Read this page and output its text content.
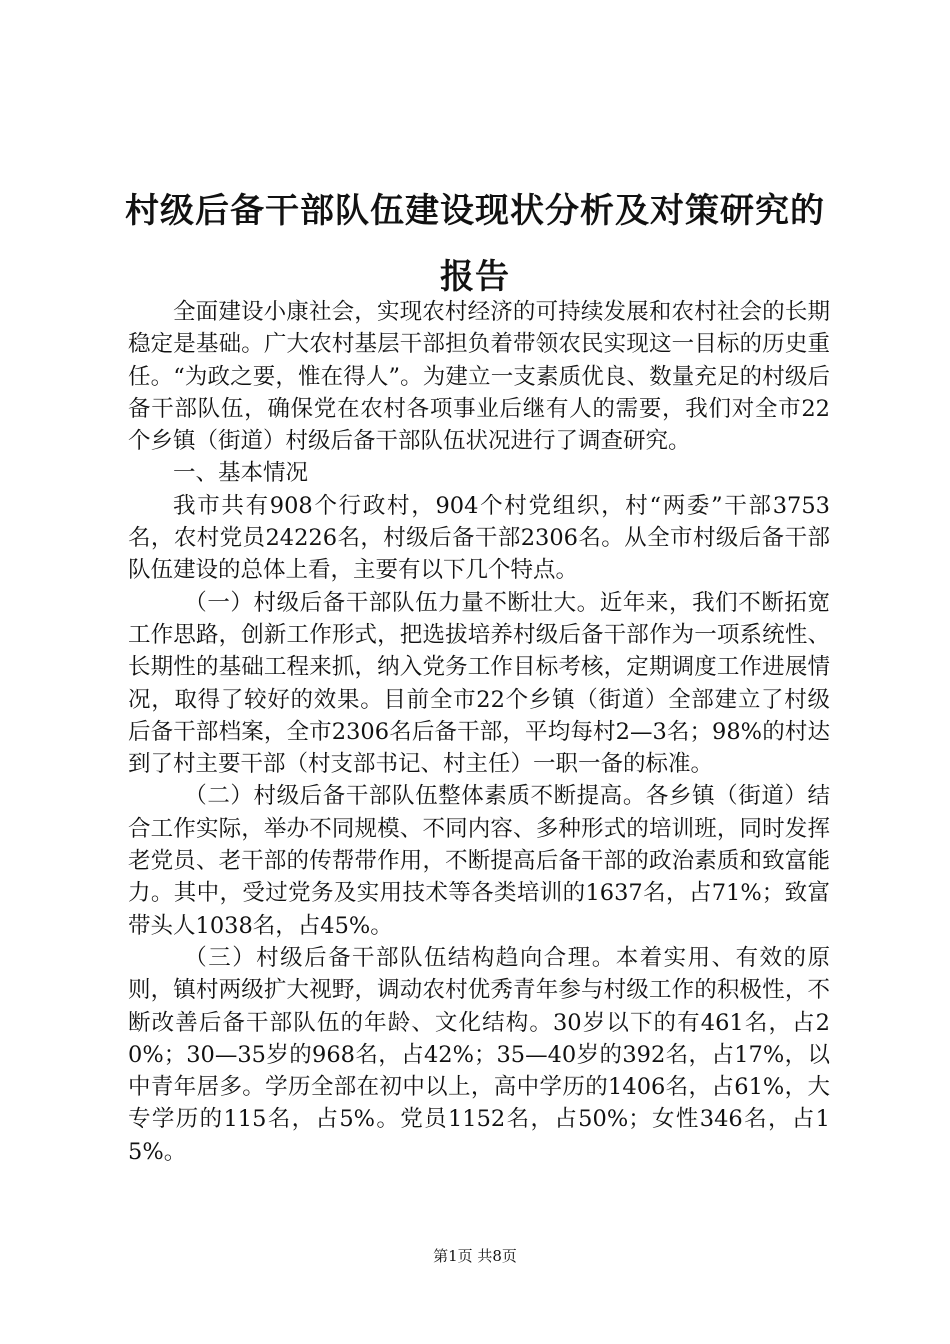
村级后备干部队伍建设现状分析及对策研究的报告

全面建设小康社会，实现农村经济的可持续发展和农村社会的长期稳定是基础。广大农村基层干部担负着带领农民实现这一目标的历史重任。“为政之要，惟在得人”。为建立一支素质优良、数量充足的村级后备干部队伍，确保党在农村各项事业后继有人的需要，我们对全市22个乡镇（街道）村级后备干部队伍状况进行了调查研究。

一、基本情况

我市共有908个行政村，904个村党组织，村“两委”干部3753名，农村党员24226名，村级后备干部2306名。从全市村级后备干部队伍建设的总体上看，主要有以下几个特点。

（一）村级后备干部队伍力量不断壮大。近年来，我们不断拓宽工作思路，创新工作形式，把选拔培养村级后备干部作为一项系统性、长期性的基础工程来抓，纳入党务工作目标考核，定期调度工作进展情况，取得了较好的效果。目前全市22个乡镇（街道）全部建立了村级后备干部档案，全市2306名后备干部，平均每村2—3名；98%的村达到了村主要干部（村支部书记、村主任）一职一备的标准。

（二）村级后备干部队伍整体素质不断提高。各乡镇（街道）结合工作实际，举办不同规模、不同内容、多种形式的培训班，同时发挥老党员、老干部的传帮带作用，不断提高后备干部的政治素质和致富能力。其中，受过党务及实用技术等各类培训的1637名，占71%；致富带头人1038名，占45%。

（三）村级后备干部队伍结构趋向合理。本着实用、有效的原则，镇村两级扩大视野，调动农村优秀青年参与村级工作的积极性，不断改善后备干部队伍的年龄、文化结构。30岁以下的有461名，占20%；30—35岁的968名，占42%；35—40岁的392名，占17%，以中青年居多。学历全部在初中以上，高中学历的1406名，占61%，大专学历的115名，占5%。党员1152名，占50%；女性346名，占15%。

第1页 共8页
